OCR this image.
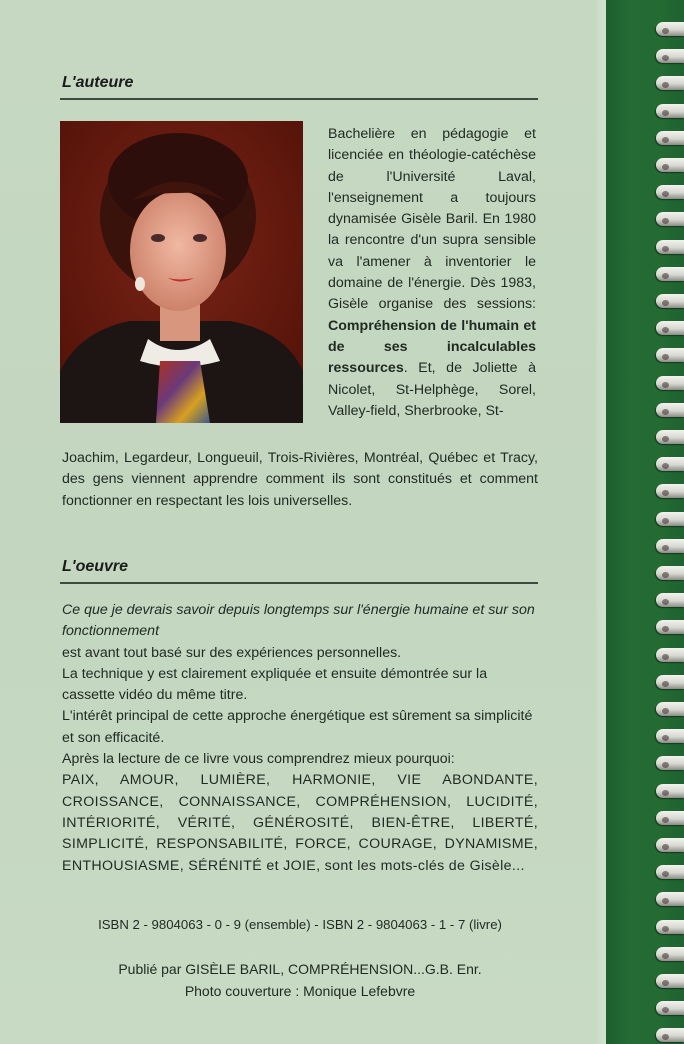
L'auteure
Bachelière en pédagogie et licenciée en théologie-catéchèse de l'Université Laval, l'enseignement a toujours dynamisée Gisèle Baril. En 1980 la rencontre d'un supra sensible va l'amener à inventorier le domaine de l'énergie. Dès 1983, Gisèle organise des sessions: Compréhension de l'humain et de ses incalculables ressources. Et, de Joliette à Nicolet, St-Helphège, Sorel, Valley-field, Sherbrooke, St-
Joachim, Legardeur, Longueuil, Trois-Rivières, Montréal, Québec et Tracy, des gens viennent apprendre comment ils sont constitués et comment fonctionner en respectant les lois universelles.
L'oeuvre
Ce que je devrais savoir depuis longtemps sur l'énergie humaine et sur son fonctionnement
est avant tout basé sur des expériences personnelles.
La technique y est clairement expliquée et ensuite démontrée sur la cassette vidéo du même titre.
L'intérêt principal de cette approche énergétique est sûrement sa simplicité et son efficacité.
Après la lecture de ce livre vous comprendrez mieux pourquoi:
PAIX, AMOUR, LUMIÈRE, HARMONIE, VIE ABONDANTE, CROISSANCE, CONNAISSANCE, COMPRÉHENSION, LUCIDITÉ, INTÉRIORITÉ, VÉRITÉ, GÉNÉROSITÉ, BIEN-ÊTRE, LIBERTÉ, SIMPLICITÉ, RESPONSABILITÉ, FORCE, COURAGE, DYNAMISME, ENTHOUSIASME, SÉRÉNITÉ et JOIE, sont les mots-clés de Gisèle...
ISBN 2 - 9804063 - 0 - 9 (ensemble) - ISBN 2 - 9804063 - 1 - 7 (livre)
Publié par GISÈLE BARIL, COMPRÉHENSION...G.B. Enr.
Photo couverture : Monique Lefebvre
